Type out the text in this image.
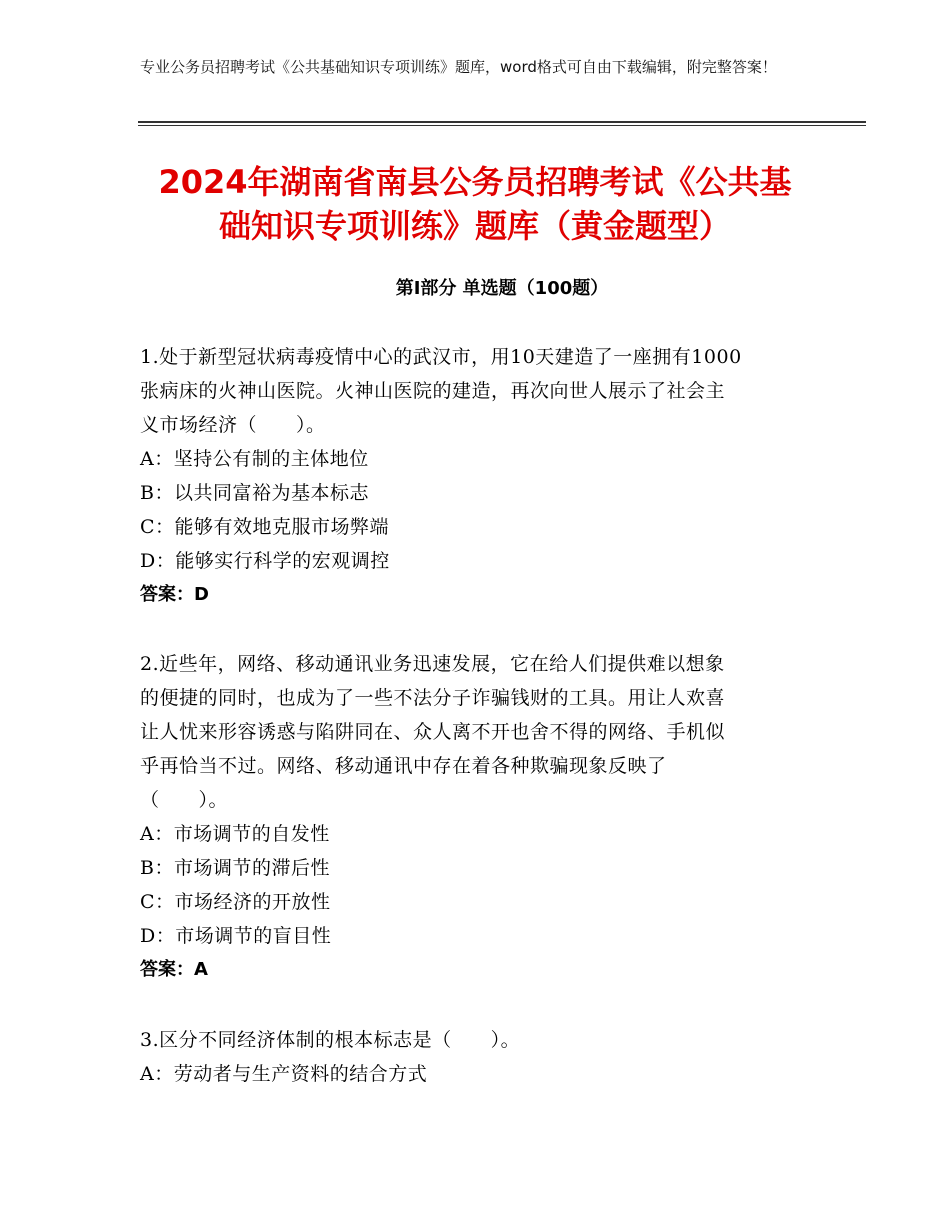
专业公务员招聘考试《公共基础知识专项训练》题库，word格式可自由下载编辑，附完整答案！
2024年湖南省南县公务员招聘考试《公共基
础知识专项训练》题库（黄金题型）
第Ⅰ部分 单选题（100题）
1.处于新型冠状病毒疫情中心的武汉市，用10天建造了一座拥有1000
张病床的火神山医院。火神山医院的建造，再次向世人展示了社会主
义市场经济（　　）。
A：坚持公有制的主体地位
B：以共同富裕为基本标志
C：能够有效地克服市场弊端
D：能够实行科学的宏观调控
答案：D
2.近些年，网络、移动通讯业务迅速发展，它在给人们提供难以想象
的便捷的同时，也成为了一些不法分子诈骗钱财的工具。用让人欢喜
让人忧来形容诱惑与陷阱同在、众人离不开也舍不得的网络、手机似
乎再恰当不过。网络、移动通讯中存在着各种欺骗现象反映了
（　　）。
A：市场调节的自发性
B：市场调节的滞后性
C：市场经济的开放性
D：市场调节的盲目性
答案：A
3.区分不同经济体制的根本标志是（　　）。
A：劳动者与生产资料的结合方式
